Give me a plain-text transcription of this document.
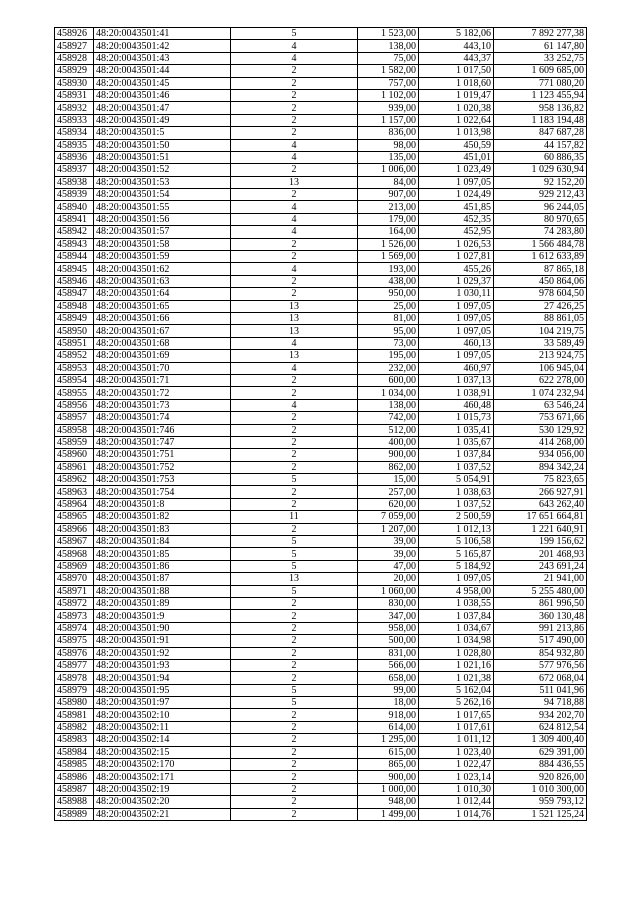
458926	48:20:0043501:41	5	1 523,00	5 182,06	7 892 277,38
458927	48:20:0043501:42	4	138,00	443,10	61 147,80
458928	48:20:0043501:43	4	75,00	443,37	33 252,75
458929	48:20:0043501:44	2	1 582,00	1 017,50	1 609 685,00
458930	48:20:0043501:45	2	757,00	1 018,60	771 080,20
458931	48:20:0043501:46	2	1 102,00	1 019,47	1 123 455,94
458932	48:20:0043501:47	2	939,00	1 020,38	958 136,82
458933	48:20:0043501:49	2	1 157,00	1 022,64	1 183 194,48
458934	48:20:0043501:5	2	836,00	1 013,98	847 687,28
458935	48:20:0043501:50	4	98,00	450,59	44 157,82
458936	48:20:0043501:51	4	135,00	451,01	60 886,35
458937	48:20:0043501:52	2	1 006,00	1 023,49	1 029 630,94
458938	48:20:0043501:53	13	84,00	1 097,05	92 152,20
458939	48:20:0043501:54	2	907,00	1 024,49	929 212,43
458940	48:20:0043501:55	4	213,00	451,85	96 244,05
458941	48:20:0043501:56	4	179,00	452,35	80 970,65
458942	48:20:0043501:57	4	164,00	452,95	74 283,80
458943	48:20:0043501:58	2	1 526,00	1 026,53	1 566 484,78
458944	48:20:0043501:59	2	1 569,00	1 027,81	1 612 633,89
458945	48:20:0043501:62	4	193,00	455,26	87 865,18
458946	48:20:0043501:63	2	438,00	1 029,37	450 864,06
458947	48:20:0043501:64	2	950,00	1 030,11	978 604,50
458948	48:20:0043501:65	13	25,00	1 097,05	27 426,25
458949	48:20:0043501:66	13	81,00	1 097,05	88 861,05
458950	48:20:0043501:67	13	95,00	1 097,05	104 219,75
458951	48:20:0043501:68	4	73,00	460,13	33 589,49
458952	48:20:0043501:69	13	195,00	1 097,05	213 924,75
458953	48:20:0043501:70	4	232,00	460,97	106 945,04
458954	48:20:0043501:71	2	600,00	1 037,13	622 278,00
458955	48:20:0043501:72	2	1 034,00	1 038,91	1 074 232,94
458956	48:20:0043501:73	4	138,00	460,48	63 546,24
458957	48:20:0043501:74	2	742,00	1 015,73	753 671,66
458958	48:20:0043501:746	2	512,00	1 035,41	530 129,92
458959	48:20:0043501:747	2	400,00	1 035,67	414 268,00
458960	48:20:0043501:751	2	900,00	1 037,84	934 056,00
458961	48:20:0043501:752	2	862,00	1 037,52	894 342,24
458962	48:20:0043501:753	5	15,00	5 054,91	75 823,65
458963	48:20:0043501:754	2	257,00	1 038,63	266 927,91
458964	48:20:0043501:8	2	620,00	1 037,52	643 262,40
458965	48:20:0043501:82	11	7 059,00	2 500,59	17 651 664,81
458966	48:20:0043501:83	2	1 207,00	1 012,13	1 221 640,91
458967	48:20:0043501:84	5	39,00	5 106,58	199 156,62
458968	48:20:0043501:85	5	39,00	5 165,87	201 468,93
458969	48:20:0043501:86	5	47,00	5 184,92	243 691,24
458970	48:20:0043501:87	13	20,00	1 097,05	21 941,00
458971	48:20:0043501:88	5	1 060,00	4 958,00	5 255 480,00
458972	48:20:0043501:89	2	830,00	1 038,55	861 996,50
458973	48:20:0043501:9	2	347,00	1 037,84	360 130,48
458974	48:20:0043501:90	2	958,00	1 034,67	991 213,86
458975	48:20:0043501:91	2	500,00	1 034,98	517 490,00
458976	48:20:0043501:92	2	831,00	1 028,80	854 932,80
458977	48:20:0043501:93	2	566,00	1 021,16	577 976,56
458978	48:20:0043501:94	2	658,00	1 021,38	672 068,04
458979	48:20:0043501:95	5	99,00	5 162,04	511 041,96
458980	48:20:0043501:97	5	18,00	5 262,16	94 718,88
458981	48:20:0043502:10	2	918,00	1 017,65	934 202,70
458982	48:20:0043502:11	2	614,00	1 017,61	624 812,54
458983	48:20:0043502:14	2	1 295,00	1 011,12	1 309 400,40
458984	48:20:0043502:15	2	615,00	1 023,40	629 391,00
458985	48:20:0043502:170	2	865,00	1 022,47	884 436,55
458986	48:20:0043502:171	2	900,00	1 023,14	920 826,00
458987	48:20:0043502:19	2	1 000,00	1 010,30	1 010 300,00
458988	48:20:0043502:20	2	948,00	1 012,44	959 793,12
458989	48:20:0043502:21	2	1 499,00	1 014,76	1 521 125,24
